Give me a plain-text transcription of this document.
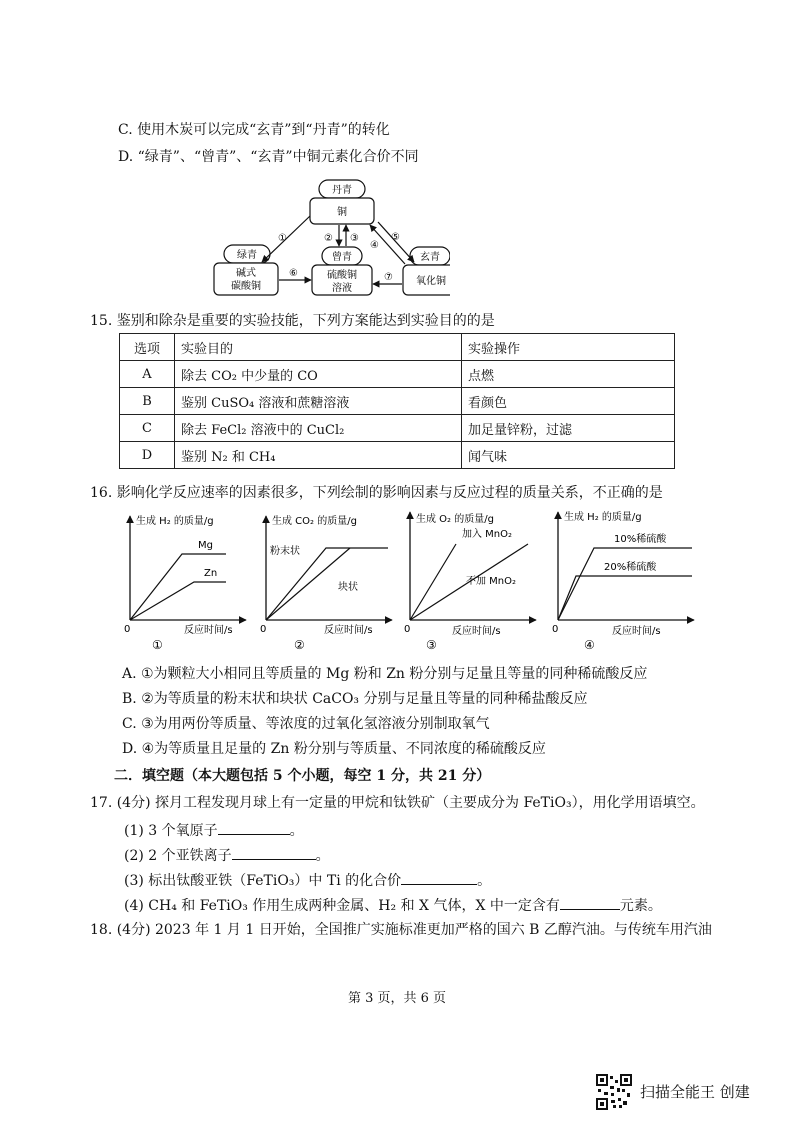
C. 使用木炭可以完成“玄青”到“丹青”的转化
D. “绿青”、“曾青”、“玄青”中铜元素化合价不同
丹青
铜
绿青
碱式
碳酸铜
曾青
硫酸铜
溶液
玄青
氧化铜
①	② ③
④
⑤
⑥	⑦
15. 鉴别和除杂是重要的实验技能，下列方案能达到实验目的的是
选项	实验目的	实验操作
A	除去 CO₂ 中少量的 CO	点燃
B	鉴别 CuSO₄ 溶液和蔗糖溶液	看颜色
C	除去 FeCl₂ 溶液中的 CuCl₂	加足量锌粉，过滤
D	鉴别 N₂ 和 CH₄	闻气味
16. 影响化学反应速率的因素很多，下列绘制的影响因素与反应过程的质量关系，不正确的是
生成 H₂ 的质量/g
Mg
Zn
0	反应时间/s
①
生成 CO₂ 的质量/g
粉末状
块状
0	反应时间/s
②
生成 O₂ 的质量/g
加入 MnO₂
不加 MnO₂
0	反应时间/s
③
生成 H₂ 的质量/g
10%稀硫酸
20%稀硫酸
0	反应时间/s
④
A. ①为颗粒大小相同且等质量的 Mg 粉和 Zn 粉分别与足量且等量的同种稀硫酸反应
B. ②为等质量的粉末状和块状 CaCO₃ 分别与足量且等量的同种稀盐酸反应
C. ③为用两份等质量、等浓度的过氧化氢溶液分别制取氧气
D. ④为等质量且足量的 Zn 粉分别与等质量、不同浓度的稀硫酸反应
二．填空题（本大题包括 5 个小题，每空 1 分，共 21 分）
17. (4分) 探月工程发现月球上有一定量的甲烷和钛铁矿（主要成分为 FeTiO₃），用化学用语填空。
(1) 3 个氧原子	。
(2) 2 个亚铁离子	。
(3) 标出钛酸亚铁（FeTiO₃）中 Ti 的化合价	。
(4) CH₄ 和 FeTiO₃ 作用生成两种金属、H₂ 和 X 气体，X 中一定含有	元素。
18. (4分) 2023 年 1 月 1 日开始，全国推广实施标准更加严格的国六 B 乙醇汽油。与传统车用汽油
第 3 页，共 6 页
扫描全能王 创建
